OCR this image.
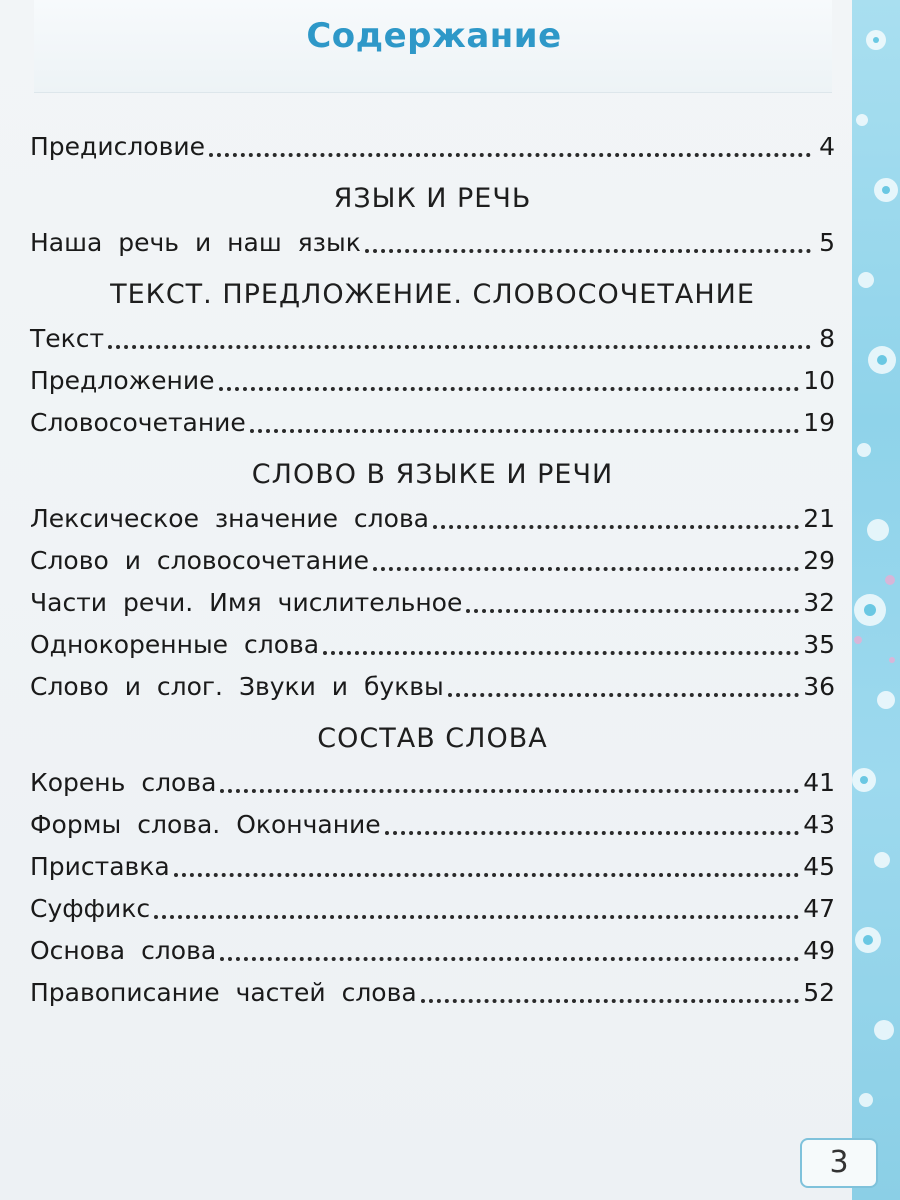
Содержание
Предисловие	4
ЯЗЫК И РЕЧЬ
Наша речь и наш язык	5
ТЕКСТ. ПРЕДЛОЖЕНИЕ. СЛОВОСОЧЕТАНИЕ
Текст	8
Предложение	10
Словосочетание	19
СЛОВО В ЯЗЫКЕ И РЕЧИ
Лексическое значение слова	21
Слово и словосочетание	29
Части речи. Имя числительное	32
Однокоренные слова	35
Слово и слог. Звуки и буквы	36
СОСТАВ СЛОВА
Корень слова	41
Формы слова. Окончание	43
Приставка	45
Суффикс	47
Основа слова	49
Правописание частей слова	52
3
